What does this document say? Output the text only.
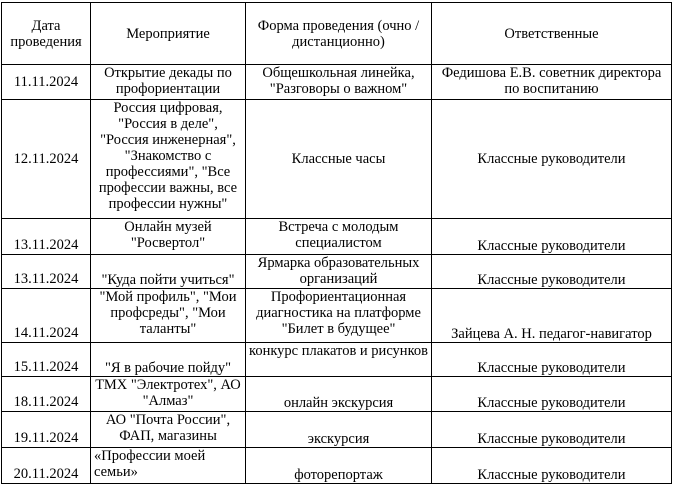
Дата проведения	Мероприятие	Форма проведения (очно / дистанционно)	Ответственные
11.11.2024	Открытие декады по профориентации	Общешкольная линейка, "Разговоры о важном"	Федишова Е.В. советник директора по воспитанию
12.11.2024	Россия цифровая, "Россия в деле", "Россия инженерная", "Знакомство с профессиями", "Все профессии важны, все профессии нужны"	Классные часы	Классные руководители
13.11.2024	Онлайн музей "Росвертол"	Встреча с молодым специалистом	Классные руководители
13.11.2024	"Куда пойти учиться"	Ярмарка образовательных организаций	Классные руководители
14.11.2024	"Мой профиль", "Мои профсреды", "Мои таланты"	Профориентационная диагностика на платформе "Билет в будущее"	Зайцева А. Н. педагог-навигатор
15.11.2024	"Я в рабочие пойду"	конкурс плакатов и рисунков	Классные руководители
18.11.2024	ТМХ "Электротех", АО "Алмаз"	онлайн экскурсия	Классные руководители
19.11.2024	АО "Почта России", ФАП, магазины	экскурсия	Классные руководители
20.11.2024	«Профессии моей семьи»	фоторепортаж	Классные руководители
